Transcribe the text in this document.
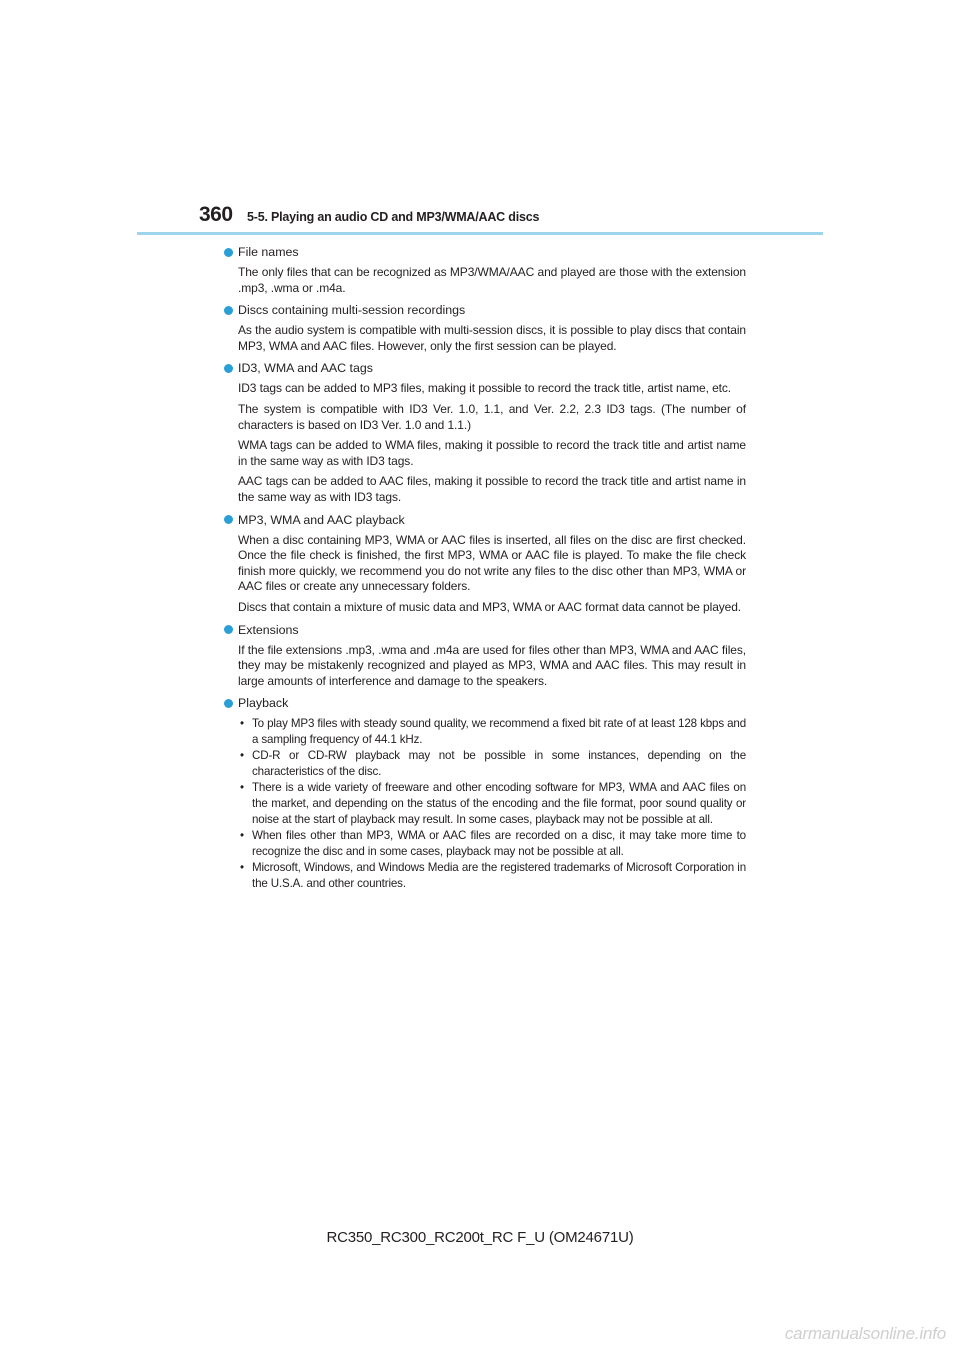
360 5-5. Playing an audio CD and MP3/WMA/AAC discs
File names

The only files that can be recognized as MP3/WMA/AAC and played are those with the extension .mp3, .wma or .m4a.

Discs containing multi-session recordings

As the audio system is compatible with multi-session discs, it is possible to play discs that contain MP3, WMA and AAC files. However, only the first session can be played.

ID3, WMA and AAC tags

ID3 tags can be added to MP3 files, making it possible to record the track title, artist name, etc.

The system is compatible with ID3 Ver. 1.0, 1.1, and Ver. 2.2, 2.3 ID3 tags. (The number of characters is based on ID3 Ver. 1.0 and 1.1.)

WMA tags can be added to WMA files, making it possible to record the track title and artist name in the same way as with ID3 tags.

AAC tags can be added to AAC files, making it possible to record the track title and artist name in the same way as with ID3 tags.

MP3, WMA and AAC playback

When a disc containing MP3, WMA or AAC files is inserted, all files on the disc are first checked. Once the file check is finished, the first MP3, WMA or AAC file is played. To make the file check finish more quickly, we recommend you do not write any files to the disc other than MP3, WMA or AAC files or create any unnecessary folders.

Discs that contain a mixture of music data and MP3, WMA or AAC format data cannot be played.

Extensions

If the file extensions .mp3, .wma and .m4a are used for files other than MP3, WMA and AAC files, they may be mistakenly recognized and played as MP3, WMA and AAC files. This may result in large amounts of interference and damage to the speakers.

Playback
• To play MP3 files with steady sound quality, we recommend a fixed bit rate of at least 128 kbps and a sampling frequency of 44.1 kHz.
• CD-R or CD-RW playback may not be possible in some instances, depending on the characteristics of the disc.
• There is a wide variety of freeware and other encoding software for MP3, WMA and AAC files on the market, and depending on the status of the encoding and the file format, poor sound quality or noise at the start of playback may result. In some cases, playback may not be possible at all.
• When files other than MP3, WMA or AAC files are recorded on a disc, it may take more time to recognize the disc and in some cases, playback may not be possible at all.
• Microsoft, Windows, and Windows Media are the registered trademarks of Microsoft Corporation in the U.S.A. and other countries.
RC350_RC300_RC200t_RC F_U (OM24671U)
carmanualsonline.info
